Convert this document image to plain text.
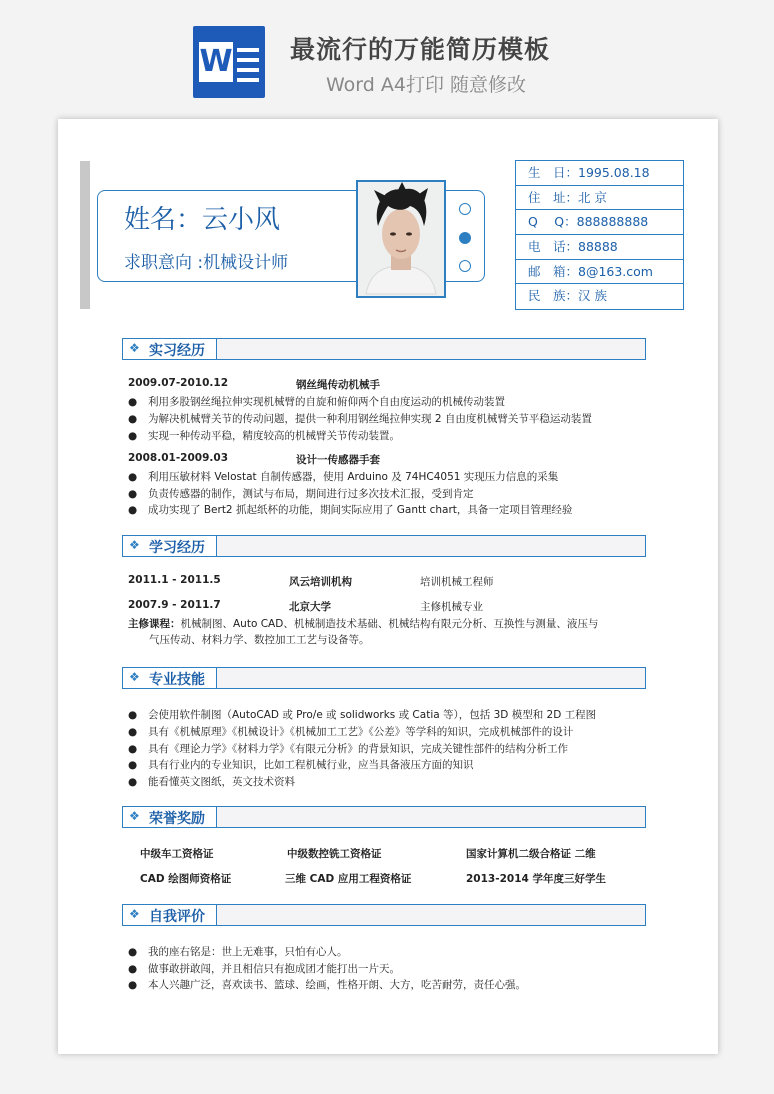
W 最流行的万能简历模板
Word A4打印 随意修改
姓名：云小风
求职意向 :机械设计师
生　日：1995.08.18
住　址：北 京
Q　 Q：888888888
电　话：88888
邮　箱：8@163.com
民　族：汉 族
❖ 实习经历
2009.07-2010.12	钢丝绳传动机械手
● 利用多股钢丝绳拉伸实现机械臂的自旋和俯仰两个自由度运动的机械传动装置
● 为解决机械臂关节的传动问题，提供一种利用钢丝绳拉伸实现 2 自由度机械臂关节平稳运动装置
● 实现一种传动平稳，精度较高的机械臂关节传动装置。
2008.01-2009.03	设计一传感器手套
● 利用压敏材料 Velostat 自制传感器，使用 Arduino 及 74HC4051 实现压力信息的采集
● 负责传感器的制作，测试与布局，期间进行过多次技术汇报，受到肯定
● 成功实现了 Bert2 抓起纸杯的功能，期间实际应用了 Gantt chart，具备一定项目管理经验
❖ 学习经历
2011.1 - 2011.5	风云培训机构	培训机械工程师
2007.9 - 2011.7	北京大学	主修机械专业
主修课程：机械制图、Auto CAD、机械制造技术基础、机械结构有限元分析、互换性与测量、液压与
气压传动、材料力学、数控加工工艺与设备等。
❖ 专业技能
● 会使用软件制图（AutoCAD 或 Pro/e 或 solidworks 或 Catia 等），包括 3D 模型和 2D 工程图
● 具有《机械原理》《机械设计》《机械加工工艺》《公差》等学科的知识，完成机械部件的设计
● 具有《理论力学》《材料力学》《有限元分析》的背景知识，完成关键性部件的结构分析工作
● 具有行业内的专业知识，比如工程机械行业，应当具备液压方面的知识
● 能看懂英文图纸，英文技术资料
❖ 荣誉奖励
中级车工资格证	中级数控铣工资格证	国家计算机二级合格证 二维
CAD 绘图师资格证	三维 CAD 应用工程资格证	2013-2014 学年度三好学生
❖ 自我评价
● 我的座右铭是：世上无难事，只怕有心人。
● 做事敢拼敢闯，并且相信只有抱成团才能打出一片天。
● 本人兴趣广泛，喜欢读书、篮球、绘画，性格开朗、大方，吃苦耐劳，责任心强。
